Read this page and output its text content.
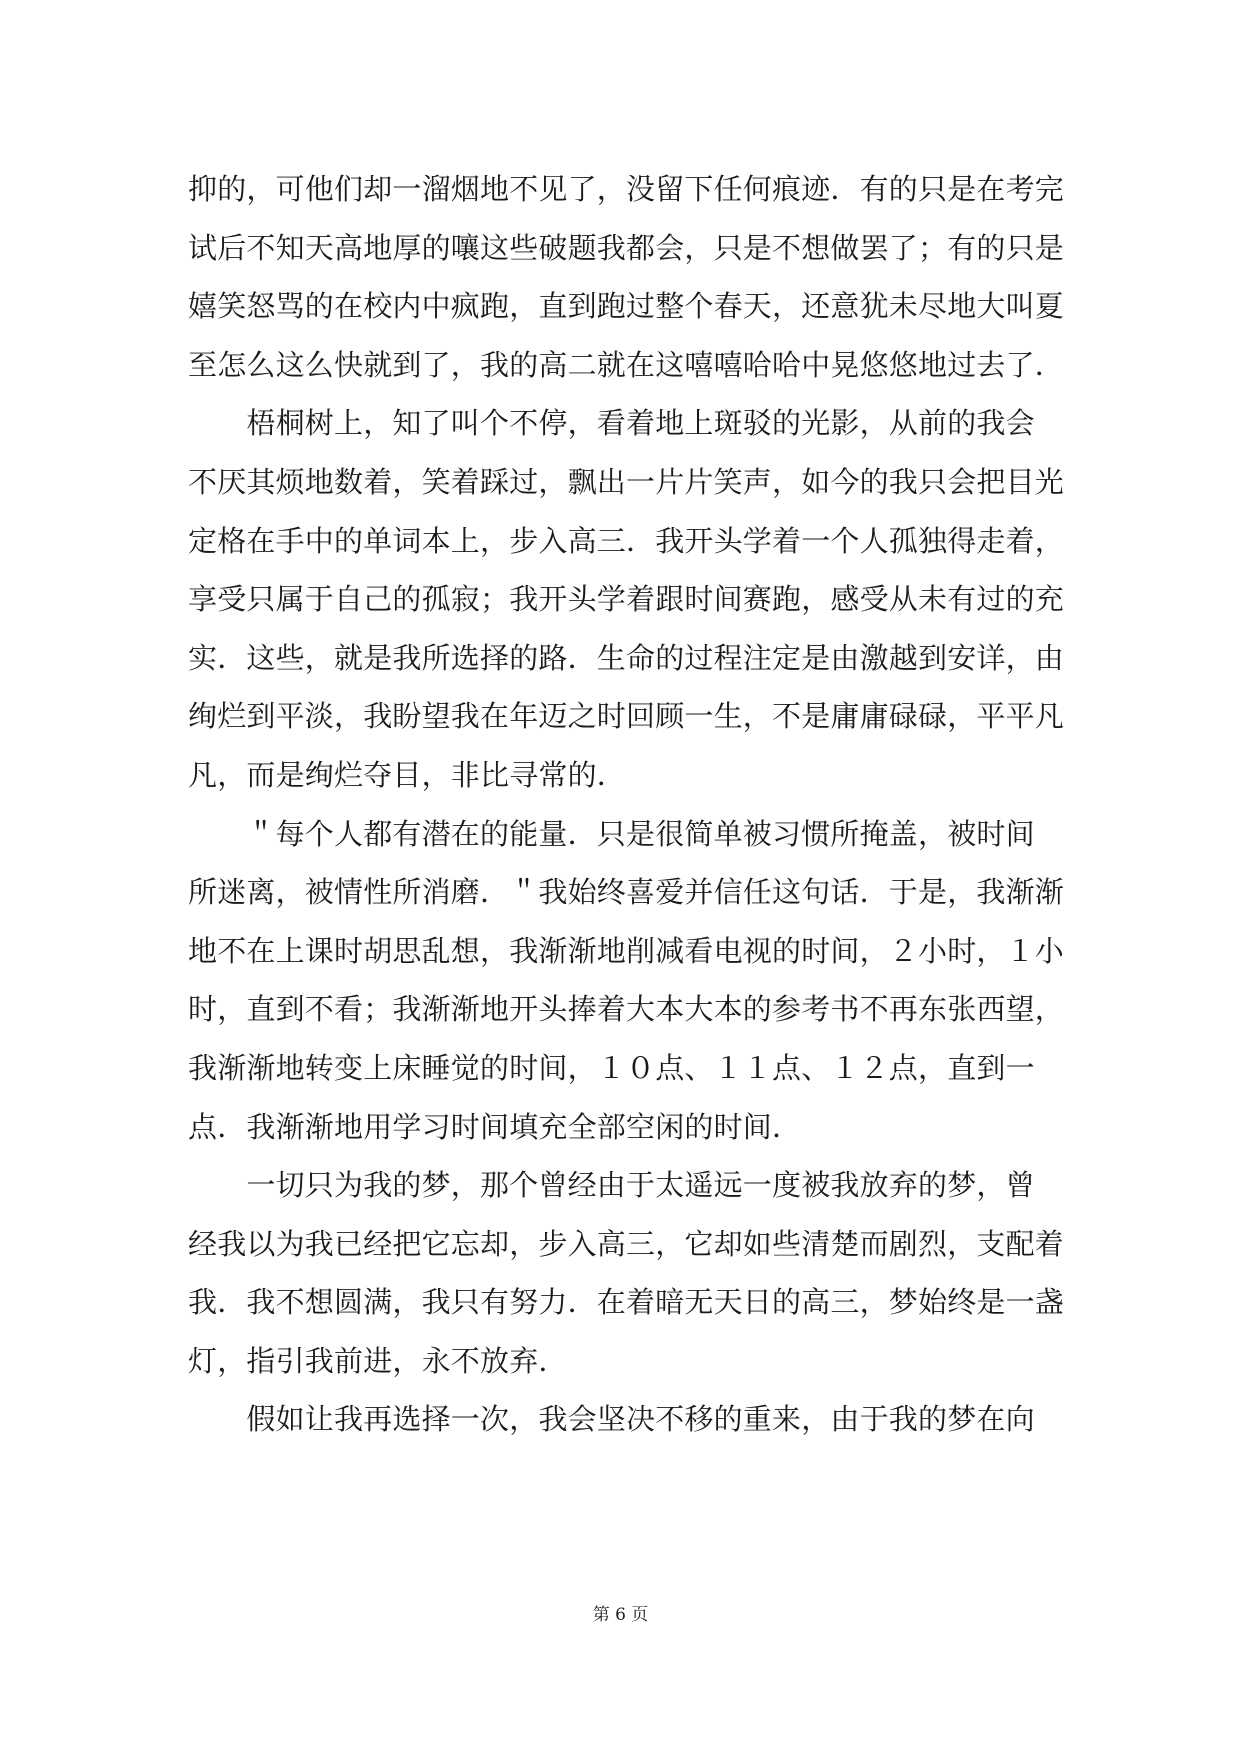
抑的，可他们却一溜烟地不见了，没留下任何痕迹．有的只是在考完
试后不知天高地厚的嚷这些破题我都会，只是不想做罢了；有的只是
嬉笑怒骂的在校内中疯跑，直到跑过整个春天，还意犹未尽地大叫夏
至怎么这么快就到了，我的高二就在这嘻嘻哈哈中晃悠悠地过去了．
　　梧桐树上，知了叫个不停，看着地上斑驳的光影，从前的我会
不厌其烦地数着，笑着踩过，飘出一片片笑声，如今的我只会把目光
定格在手中的单词本上，步入高三．我开头学着一个人孤独得走着，
享受只属于自己的孤寂；我开头学着跟时间赛跑，感受从未有过的充
实．这些，就是我所选择的路．生命的过程注定是由激越到安详，由
绚烂到平淡，我盼望我在年迈之时回顾一生，不是庸庸碌碌，平平凡
凡，而是绚烂夺目，非比寻常的．
　　＂每个人都有潜在的能量．只是很简单被习惯所掩盖，被时间
所迷离，被情性所消磨．＂我始终喜爱并信任这句话．于是，我渐渐
地不在上课时胡思乱想，我渐渐地削减看电视的时间，２小时，１小
时，直到不看；我渐渐地开头捧着大本大本的参考书不再东张西望，
我渐渐地转变上床睡觉的时间，１０点、１１点、１２点，直到一
点．我渐渐地用学习时间填充全部空闲的时间．
　　一切只为我的梦，那个曾经由于太遥远一度被我放弃的梦，曾
经我以为我已经把它忘却，步入高三，它却如些清楚而剧烈，支配着
我．我不想圆满，我只有努力．在着暗无天日的高三，梦始终是一盏
灯，指引我前进，永不放弃．
　　假如让我再选择一次，我会坚决不移的重来，由于我的梦在向
第 6 页
